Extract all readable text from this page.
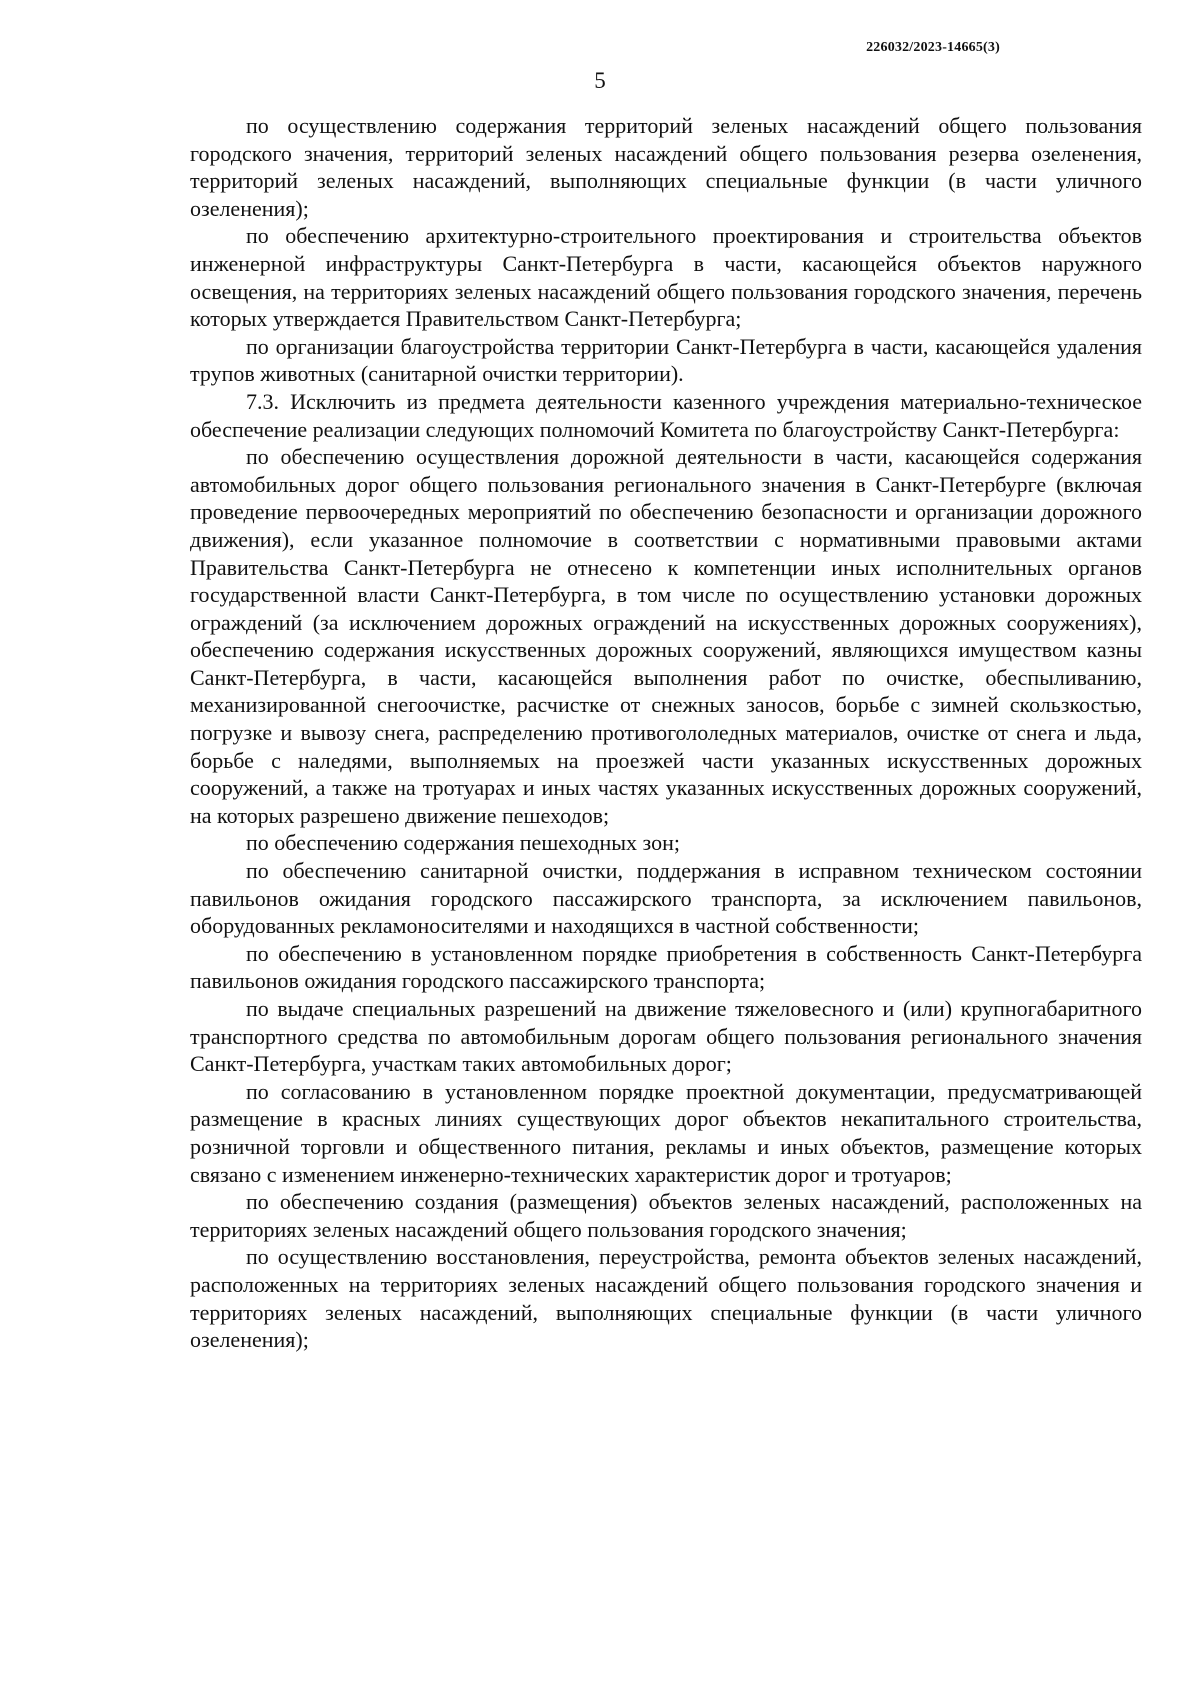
226032/2023-14665(3)
5

по осуществлению содержания территорий зеленых насаждений общего пользования городского значения, территорий зеленых насаждений общего пользования резерва озеленения, территорий зеленых насаждений, выполняющих специальные функции (в части уличного озеленения);

по обеспечению архитектурно-строительного проектирования и строительства объектов инженерной инфраструктуры Санкт-Петербурга в части, касающейся объектов наружного освещения, на территориях зеленых насаждений общего пользования городского значения, перечень которых утверждается Правительством Санкт-Петербурга;

по организации благоустройства территории Санкт-Петербурга в части, касающейся удаления трупов животных (санитарной очистки территории).

7.3. Исключить из предмета деятельности казенного учреждения материально-техническое обеспечение реализации следующих полномочий Комитета по благоустройству Санкт-Петербурга:

по обеспечению осуществления дорожной деятельности в части, касающейся содержания автомобильных дорог общего пользования регионального значения в Санкт-Петербурге (включая проведение первоочередных мероприятий по обеспечению безопасности и организации дорожного движения), если указанное полномочие в соответствии с нормативными правовыми актами Правительства Санкт-Петербурга не отнесено к компетенции иных исполнительных органов государственной власти Санкт-Петербурга, в том числе по осуществлению установки дорожных ограждений (за исключением дорожных ограждений на искусственных дорожных сооружениях), обеспечению содержания искусственных дорожных сооружений, являющихся имуществом казны Санкт-Петербурга, в части, касающейся выполнения работ по очистке, обеспыливанию, механизированной снегоочистке, расчистке от снежных заносов, борьбе с зимней скользкостью, погрузке и вывозу снега, распределению противогололедных материалов, очистке от снега и льда, борьбе с наледями, выполняемых на проезжей части указанных искусственных дорожных сооружений, а также на тротуарах и иных частях указанных искусственных дорожных сооружений, на которых разрешено движение пешеходов;

по обеспечению содержания пешеходных зон;

по обеспечению санитарной очистки, поддержания в исправном техническом состоянии павильонов ожидания городского пассажирского транспорта, за исключением павильонов, оборудованных рекламоносителями и находящихся в частной собственности;

по обеспечению в установленном порядке приобретения в собственность Санкт-Петербурга павильонов ожидания городского пассажирского транспорта;

по выдаче специальных разрешений на движение тяжеловесного и (или) крупногабаритного транспортного средства по автомобильным дорогам общего пользования регионального значения Санкт-Петербурга, участкам таких автомобильных дорог;

по согласованию в установленном порядке проектной документации, предусматривающей размещение в красных линиях существующих дорог объектов некапитального строительства, розничной торговли и общественного питания, рекламы и иных объектов, размещение которых связано с изменением инженерно-технических характеристик дорог и тротуаров;

по обеспечению создания (размещения) объектов зеленых насаждений, расположенных на территориях зеленых насаждений общего пользования городского значения;

по осуществлению восстановления, переустройства, ремонта объектов зеленых насаждений, расположенных на территориях зеленых насаждений общего пользования городского значения и территориях зеленых насаждений, выполняющих специальные функции (в части уличного озеленения);
